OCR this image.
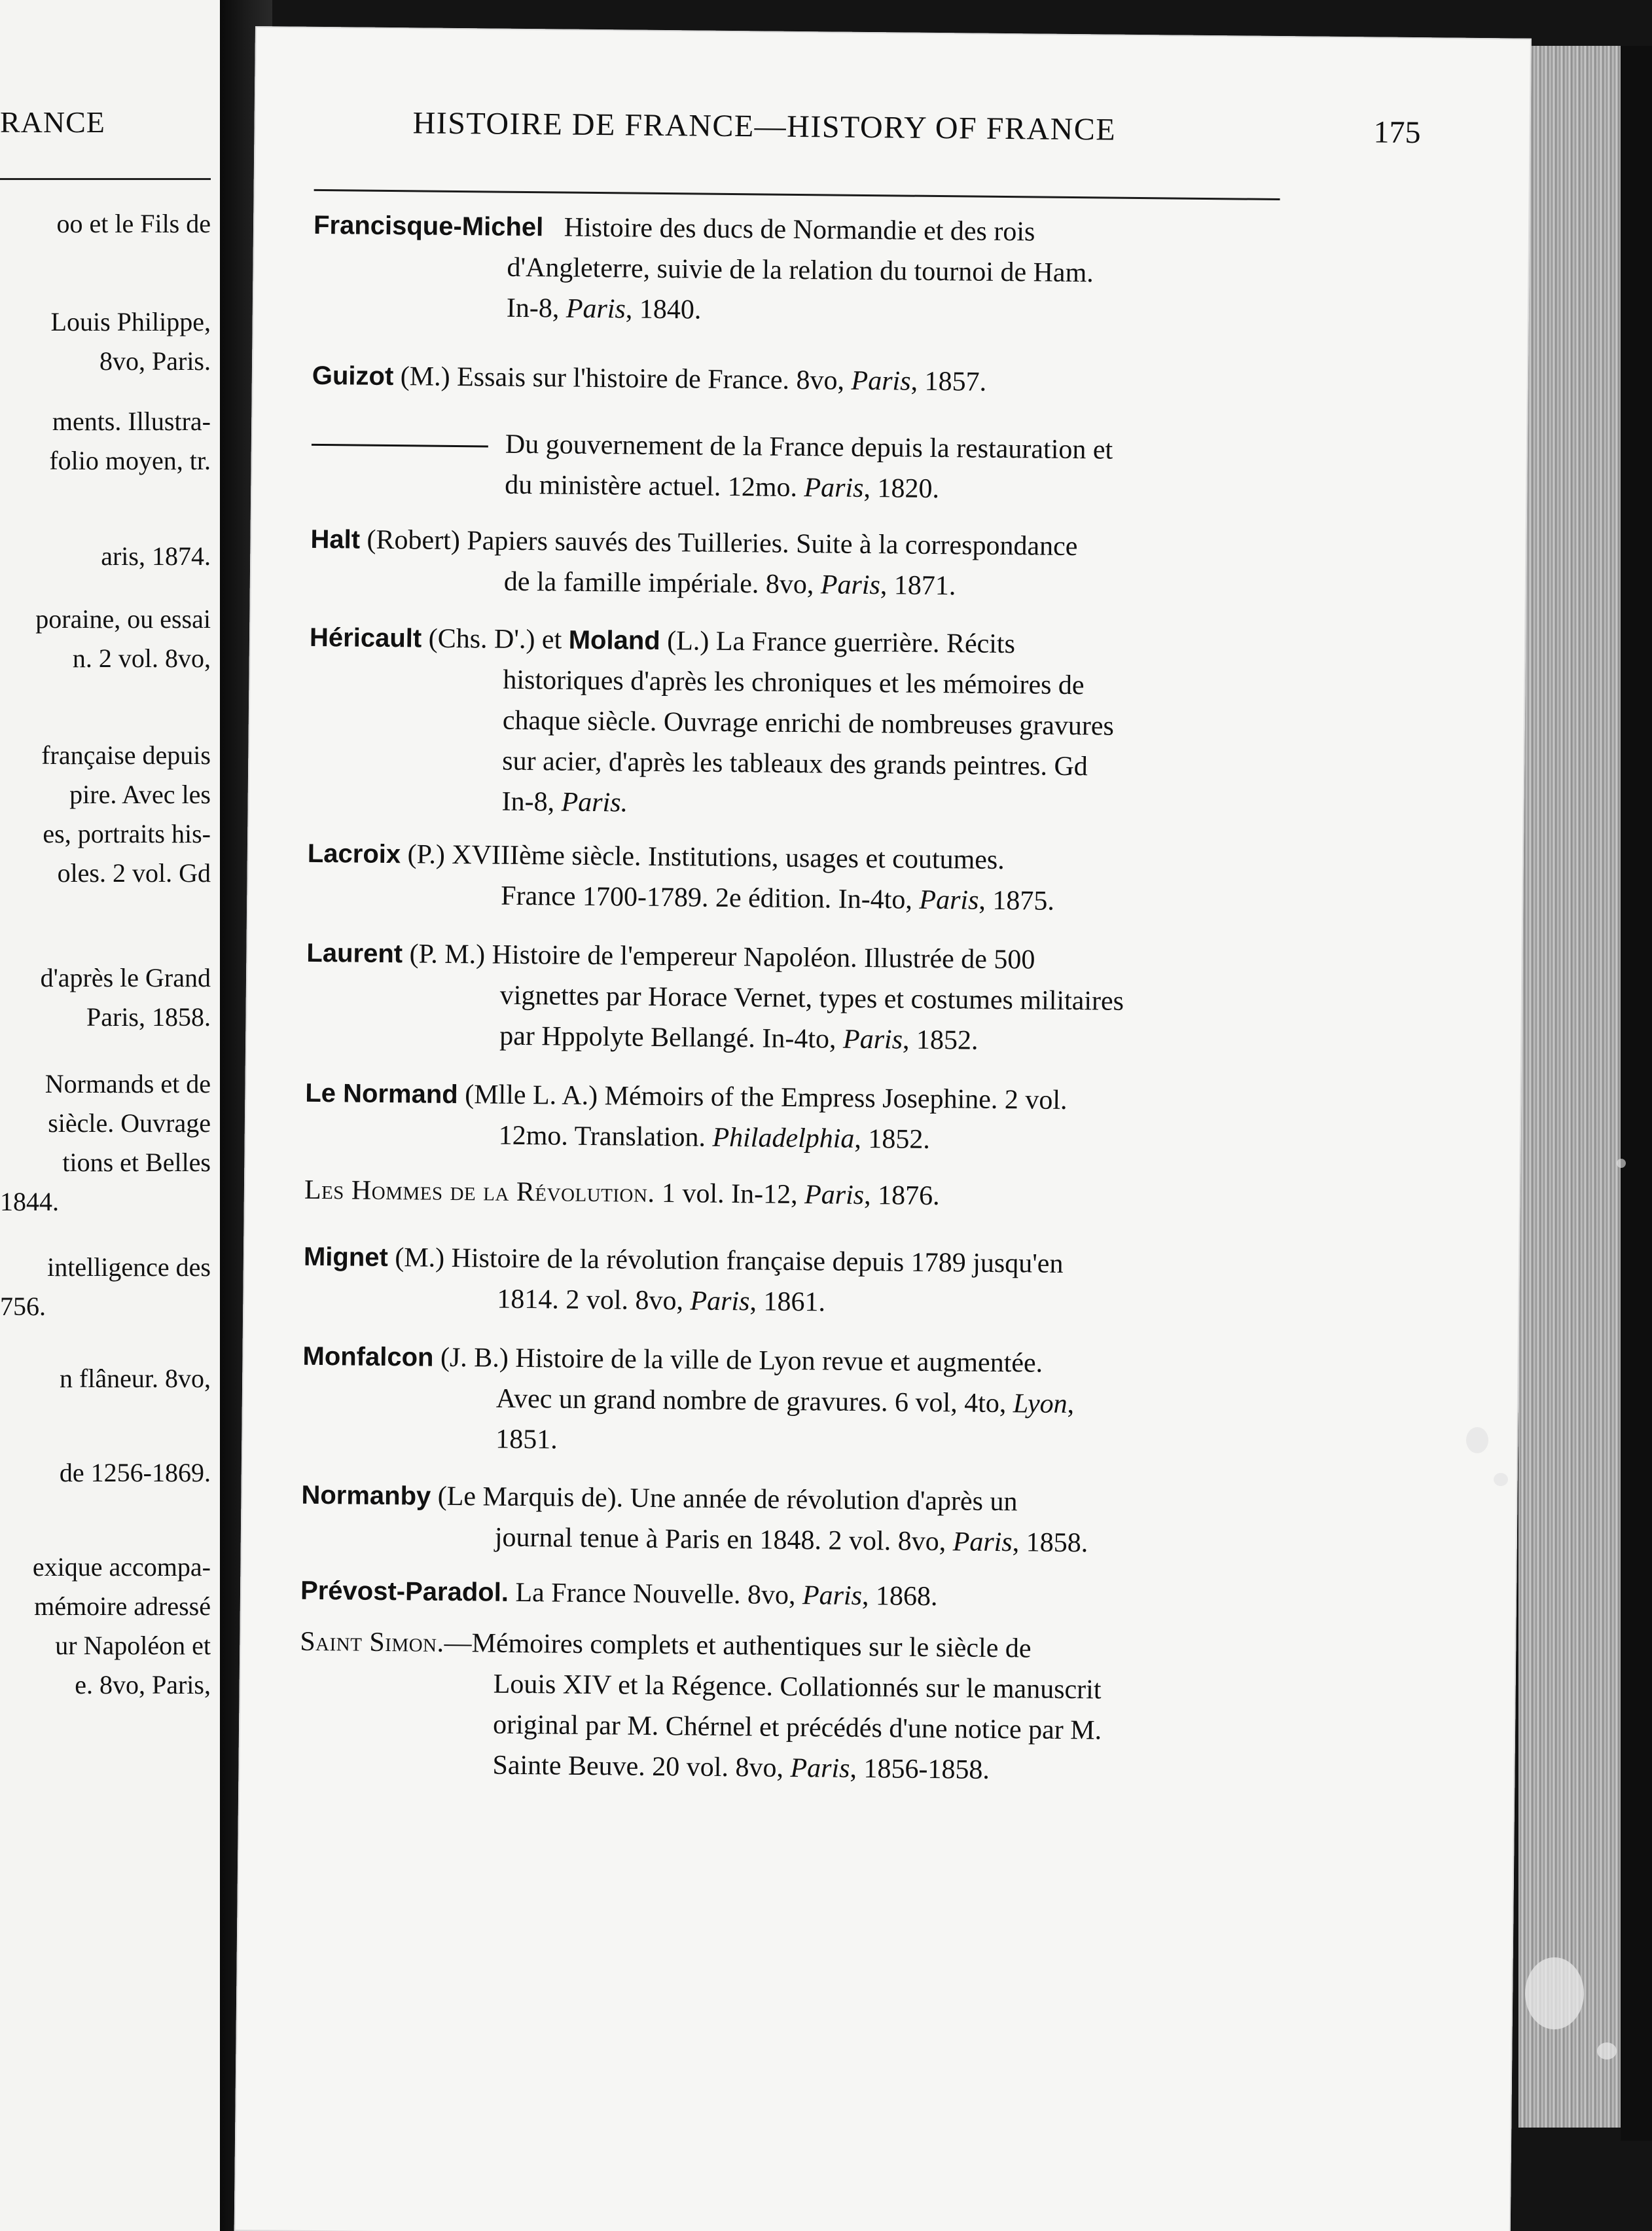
RANCE
oo et le Fils de
Louis Philippe,
8vo, Paris.
ments. Illustra-
folio moyen, tr.
aris, 1874.
poraine, ou essai
n. 2 vol. 8vo,
française depuis
pire. Avec les
es, portraits his-
oles. 2 vol. Gd
d'après le Grand
Paris, 1858.
Normands et de
siècle. Ouvrage
tions et Belles
1844.
intelligence des
756.
n flâneur. 8vo,
de 1256-1869.
exique accompa-
mémoire adressé
ur Napoléon et
e. 8vo, Paris,
HISTOIRE DE FRANCE—HISTORY OF FRANCE	175
Francisque-Michel Histoire des ducs de Normandie et des rois
d'Angleterre, suivie de la relation du tournoi de Ham.
In-8, Paris, 1840.
Guizot (M.) Essais sur l'histoire de France. 8vo, Paris, 1857.
Du gouvernement de la France depuis la restauration et
du ministère actuel. 12mo. Paris, 1820.
Halt (Robert) Papiers sauvés des Tuilleries. Suite à la correspondance
de la famille impériale. 8vo, Paris, 1871.
Héricault (Chs. D'.) et Moland (L.) La France guerrière. Récits
historiques d'après les chroniques et les mémoires de
chaque siècle. Ouvrage enrichi de nombreuses gravures
sur acier, d'après les tableaux des grands peintres. Gd
In-8, Paris.
Lacroix (P.) XVIIIème siècle. Institutions, usages et coutumes.
France 1700-1789. 2e édition. In-4to, Paris, 1875.
Laurent (P. M.) Histoire de l'empereur Napoléon. Illustrée de 500
vignettes par Horace Vernet, types et costumes militaires
par Hppolyte Bellangé. In-4to, Paris, 1852.
Le Normand (Mlle L. A.) Mémoirs of the Empress Josephine. 2 vol.
12mo. Translation. Philadelphia, 1852.
Les Hommes de la Révolution. 1 vol. In-12, Paris, 1876.
Mignet (M.) Histoire de la révolution française depuis 1789 jusqu'en
1814. 2 vol. 8vo, Paris, 1861.
Monfalcon (J. B.) Histoire de la ville de Lyon revue et augmentée.
Avec un grand nombre de gravures. 6 vol, 4to, Lyon,
1851.
Normanby (Le Marquis de). Une année de révolution d'après un
journal tenue à Paris en 1848. 2 vol. 8vo, Paris, 1858.
Prévost-Paradol. La France Nouvelle. 8vo, Paris, 1868.
Saint Simon.—Mémoires complets et authentiques sur le siècle de
Louis XIV et la Régence. Collationnés sur le manuscrit
original par M. Chérnel et précédés d'une notice par M.
Sainte Beuve. 20 vol. 8vo, Paris, 1856-1858.
